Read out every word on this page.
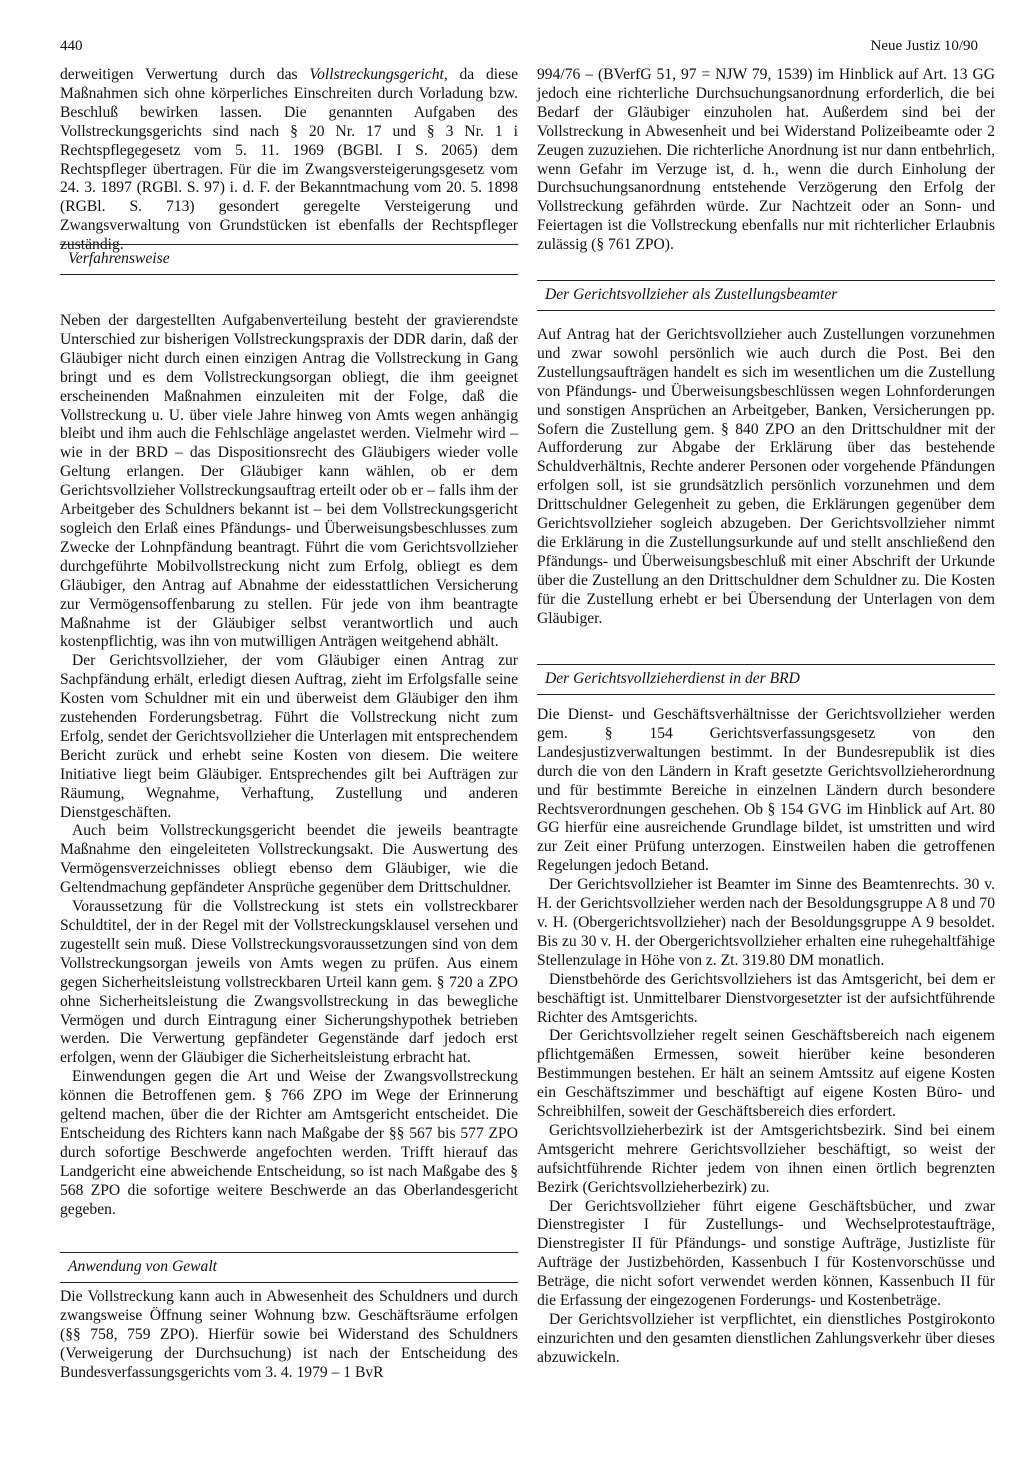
440	Neue Justiz 10/90

derweitigen Verwertung durch das Vollstreckungsgericht, da diese Maßnahmen sich ohne körperliches Einschreiten durch Vorladung bzw. Beschluß bewirken lassen. Die genannten Aufgaben des Vollstreckungsgerichts sind nach § 20 Nr. 17 und § 3 Nr. 1 i Rechtspflegegesetz vom 5. 11. 1969 (BGBl. I S. 2065) dem Rechtspfleger übertragen. Für die im Zwangsversteigerungsgesetz vom 24. 3. 1897 (RGBl. S. 97) i. d. F. der Bekanntmachung vom 20. 5. 1898 (RGBl. S. 713) gesondert geregelte Versteigerung und Zwangsverwaltung von Grundstücken ist ebenfalls der Rechtspfleger zuständig.

Verfahrensweise

Neben der dargestellten Aufgabenverteilung besteht der gravierendste Unterschied zur bisherigen Vollstreckungspraxis der DDR darin, daß der Gläubiger nicht durch einen einzigen Antrag die Vollstreckung in Gang bringt und es dem Vollstreckungsorgan obliegt, die ihm geeignet erscheinenden Maßnahmen einzuleiten mit der Folge, daß die Vollstreckung u. U. über viele Jahre hinweg von Amts wegen anhängig bleibt und ihm auch die Fehlschläge angelastet werden. Vielmehr wird – wie in der BRD – das Dispositionsrecht des Gläubigers wieder volle Geltung erlangen. Der Gläubiger kann wählen, ob er dem Gerichtsvollzieher Vollstreckungsauftrag erteilt oder ob er – falls ihm der Arbeitgeber des Schuldners bekannt ist – bei dem Vollstreckungsgericht sogleich den Erlaß eines Pfändungs- und Überweisungsbeschlusses zum Zwecke der Lohnpfändung beantragt. Führt die vom Gerichtsvollzieher durchgeführte Mobilvollstreckung nicht zum Erfolg, obliegt es dem Gläubiger, den Antrag auf Abnahme der eidesstattlichen Versicherung zur Vermögensoffenbarung zu stellen. Für jede von ihm beantragte Maßnahme ist der Gläubiger selbst verantwortlich und auch kostenpflichtig, was ihn von mutwilligen Anträgen weitgehend abhält.

Der Gerichtsvollzieher, der vom Gläubiger einen Antrag zur Sachpfändung erhält, erledigt diesen Auftrag, zieht im Erfolgsfalle seine Kosten vom Schuldner mit ein und überweist dem Gläubiger den ihm zustehenden Forderungsbetrag. Führt die Vollstreckung nicht zum Erfolg, sendet der Gerichtsvollzieher die Unterlagen mit entsprechendem Bericht zurück und erhebt seine Kosten von diesem. Die weitere Initiative liegt beim Gläubiger. Entsprechendes gilt bei Aufträgen zur Räumung, Wegnahme, Verhaftung, Zustellung und anderen Dienstgeschäften.

Auch beim Vollstreckungsgericht beendet die jeweils beantragte Maßnahme den eingeleiteten Vollstreckungsakt. Die Auswertung des Vermögensverzeichnisses obliegt ebenso dem Gläubiger, wie die Geltendmachung gepfändeter Ansprüche gegenüber dem Drittschuldner.

Voraussetzung für die Vollstreckung ist stets ein vollstreckbarer Schuldtitel, der in der Regel mit der Vollstreckungsklausel versehen und zugestellt sein muß. Diese Vollstreckungsvoraussetzungen sind von dem Vollstreckungsorgan jeweils von Amts wegen zu prüfen. Aus einem gegen Sicherheitsleistung vollstreckbaren Urteil kann gem. § 720 a ZPO ohne Sicherheitsleistung die Zwangsvollstreckung in das bewegliche Vermögen und durch Eintragung einer Sicherungshypothek betrieben werden. Die Verwertung gepfändeter Gegenstände darf jedoch erst erfolgen, wenn der Gläubiger die Sicherheitsleistung erbracht hat.

Einwendungen gegen die Art und Weise der Zwangsvollstreckung können die Betroffenen gem. § 766 ZPO im Wege der Erinnerung geltend machen, über die der Richter am Amtsgericht entscheidet. Die Entscheidung des Richters kann nach Maßgabe der §§ 567 bis 577 ZPO durch sofortige Beschwerde angefochten werden. Trifft hierauf das Landgericht eine abweichende Entscheidung, so ist nach Maßgabe des § 568 ZPO die sofortige weitere Beschwerde an das Oberlandesgericht gegeben.

Anwendung von Gewalt

Die Vollstreckung kann auch in Abwesenheit des Schuldners und durch zwangsweise Öffnung seiner Wohnung bzw. Geschäftsräume erfolgen (§§ 758, 759 ZPO). Hierfür sowie bei Widerstand des Schuldners (Verweigerung der Durchsuchung) ist nach der Entscheidung des Bundesverfassungsgerichts vom 3. 4. 1979 – 1 BvR

994/76 – (BVerfG 51, 97 = NJW 79, 1539) im Hinblick auf Art. 13 GG jedoch eine richterliche Durchsuchungsanordnung erforderlich, die bei Bedarf der Gläubiger einzuholen hat. Außerdem sind bei der Vollstreckung in Abwesenheit und bei Widerstand Polizeibeamte oder 2 Zeugen zuzuziehen. Die richterliche Anordnung ist nur dann entbehrlich, wenn Gefahr im Verzuge ist, d. h., wenn die durch Einholung der Durchsuchungsanordnung entstehende Verzögerung den Erfolg der Vollstreckung gefährden würde. Zur Nachtzeit oder an Sonn- und Feiertagen ist die Vollstreckung ebenfalls nur mit richterlicher Erlaubnis zulässig (§ 761 ZPO).

Der Gerichtsvollzieher als Zustellungsbeamter

Auf Antrag hat der Gerichtsvollzieher auch Zustellungen vorzunehmen und zwar sowohl persönlich wie auch durch die Post. Bei den Zustellungsaufträgen handelt es sich im wesentlichen um die Zustellung von Pfändungs- und Überweisungsbeschlüssen wegen Lohnforderungen und sonstigen Ansprüchen an Arbeitgeber, Banken, Versicherungen pp. Sofern die Zustellung gem. § 840 ZPO an den Drittschuldner mit der Aufforderung zur Abgabe der Erklärung über das bestehende Schuldverhältnis, Rechte anderer Personen oder vorgehende Pfändungen erfolgen soll, ist sie grundsätzlich persönlich vorzunehmen und dem Drittschuldner Gelegenheit zu geben, die Erklärungen gegenüber dem Gerichtsvollzieher sogleich abzugeben. Der Gerichtsvollzieher nimmt die Erklärung in die Zustellungsurkunde auf und stellt anschließend den Pfändungs- und Überweisungsbeschluß mit einer Abschrift der Urkunde über die Zustellung an den Drittschuldner dem Schuldner zu. Die Kosten für die Zustellung erhebt er bei Übersendung der Unterlagen von dem Gläubiger.

Der Gerichtsvollzieherdienst in der BRD

Die Dienst- und Geschäftsverhältnisse der Gerichtsvollzieher werden gem. § 154 Gerichtsverfassungsgesetz von den Landesjustizverwaltungen bestimmt. In der Bundesrepublik ist dies durch die von den Ländern in Kraft gesetzte Gerichtsvollzieherordnung und für bestimmte Bereiche in einzelnen Ländern durch besondere Rechtsverordnungen geschehen. Ob § 154 GVG im Hinblick auf Art. 80 GG hierfür eine ausreichende Grundlage bildet, ist umstritten und wird zur Zeit einer Prüfung unterzogen. Einstweilen haben die getroffenen Regelungen jedoch Betand.

Der Gerichtsvollzieher ist Beamter im Sinne des Beamtenrechts. 30 v. H. der Gerichtsvollzieher werden nach der Besoldungsgruppe A 8 und 70 v. H. (Obergerichtsvollzieher) nach der Besoldungsgruppe A 9 besoldet. Bis zu 30 v. H. der Obergerichtsvollzieher erhalten eine ruhegehaltfähige Stellenzulage in Höhe von z. Zt. 319.80 DM monatlich.

Dienstbehörde des Gerichtsvollziehers ist das Amtsgericht, bei dem er beschäftigt ist. Unmittelbarer Dienstvorgesetzter ist der aufsichtführende Richter des Amtsgerichts.

Der Gerichtsvollzieher regelt seinen Geschäftsbereich nach eigenem pflichtgemäßen Ermessen, soweit hierüber keine besonderen Bestimmungen bestehen. Er hält an seinem Amtssitz auf eigene Kosten ein Geschäftszimmer und beschäftigt auf eigene Kosten Büro- und Schreibhilfen, soweit der Geschäftsbereich dies erfordert.

Gerichtsvollzieherbezirk ist der Amtsgerichtsbezirk. Sind bei einem Amtsgericht mehrere Gerichtsvollzieher beschäftigt, so weist der aufsichtführende Richter jedem von ihnen einen örtlich begrenzten Bezirk (Gerichtsvollzieherbezirk) zu.

Der Gerichtsvollzieher führt eigene Geschäftsbücher, und zwar Dienstregister I für Zustellungs- und Wechselprotestaufträge, Dienstregister II für Pfändungs- und sonstige Aufträge, Justizliste für Aufträge der Justizbehörden, Kassenbuch I für Kostenvorschüsse und Beträge, die nicht sofort verwendet werden können, Kassenbuch II für die Erfassung der eingezogenen Forderungs- und Kostenbeträge.

Der Gerichtsvollzieher ist verpflichtet, ein dienstliches Postgirokonto einzurichten und den gesamten dienstlichen Zahlungsverkehr über dieses abzuwickeln.
